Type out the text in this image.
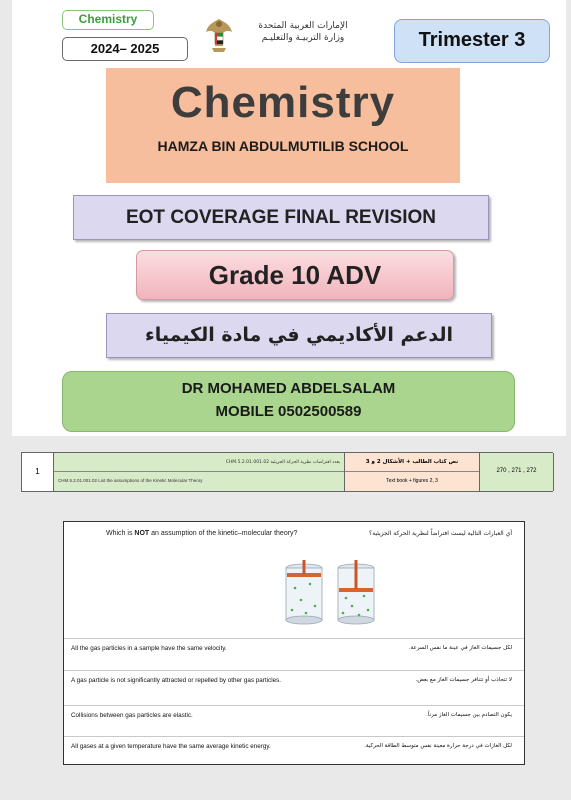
Chemistry
2024– 2025
الإمارات العربية المتحدة
وزارة التربيـة والتعليـم	Trimester 3
Chemistry
HAMZA BIN ABDULMUTILIB SCHOOL
EOT COVERAGE FINAL REVISION
Grade 10 ADV
الدعم الأكاديمي في مادة الكيمياء
DR MOHAMED ABDELSALAM
MOBILE 0502500589
1
CHM.5.2.01.001.02 يعدد افتراضات نظرية الحركة الجزيئية
CHM.5.2.01.001.02 List the assumptions of the Kinetic Molecular Theory
نص كتاب الطالب + الأشكال 2 و 3
Text book + figures 2, 3
270 , 271 , 272
Which is NOT an assumption of the kinetic–molecular theory?	أي العبارات التالية ليست افتراضاً لنظرية الحركة الجزيئية؟
All the gas particles in a sample have the same velocity.	لكل جسيمات الغاز في عينة ما نفس السرعة.
A gas particle is not significantly attracted or repelled by other gas particles.	لا تتجاذب أو تتنافر جسيمات الغاز مع بعض.
Collisions between gas particles are elastic.	يكون التصادم بين جسيمات الغاز مرناً.
All gases at a given temperature have the same average kinetic energy.	لكل الغازات في درجة حرارة معينة نفس متوسط الطاقة الحركية.
